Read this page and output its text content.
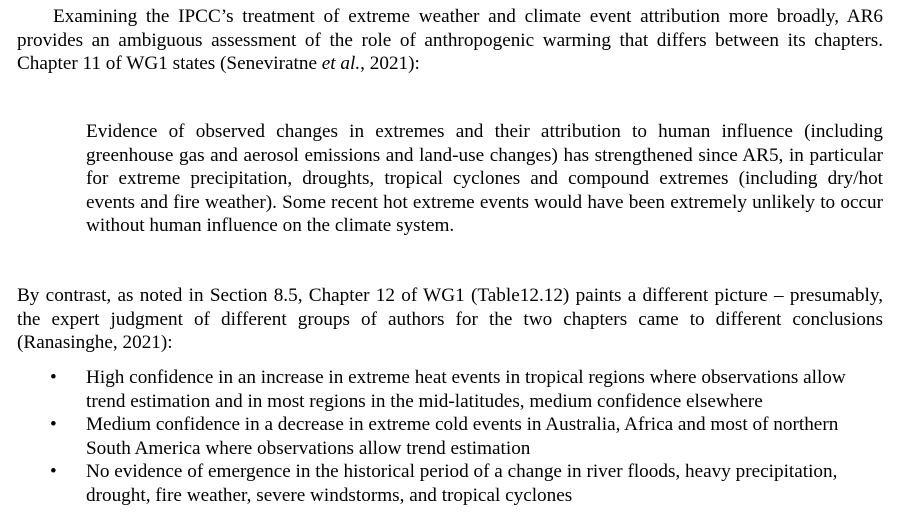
Examining the IPCC’s treatment of extreme weather and climate event attribution more broadly, AR6 provides an ambiguous assessment of the role of anthropogenic warming that differs between its chapters. Chapter 11 of WG1 states (Seneviratne et al., 2021):

Evidence of observed changes in extremes and their attribution to human influence (including greenhouse gas and aerosol emissions and land-use changes) has strengthened since AR5, in particular for extreme precipitation, droughts, tropical cyclones and compound extremes (including dry/hot events and fire weather). Some recent hot extreme events would have been extremely unlikely to occur without human influence on the climate system.

By contrast, as noted in Section 8.5, Chapter 12 of WG1 (Table12.12) paints a different picture – presumably, the expert judgment of different groups of authors for the two chapters came to different conclusions (Ranasinghe, 2021):

• High confidence in an increase in extreme heat events in tropical regions where observations allow trend estimation and in most regions in the mid-latitudes, medium confidence elsewhere
• Medium confidence in a decrease in extreme cold events in Australia, Africa and most of northern South America where observations allow trend estimation
• No evidence of emergence in the historical period of a change in river floods, heavy precipitation, drought, fire weather, severe windstorms, and tropical cyclones
